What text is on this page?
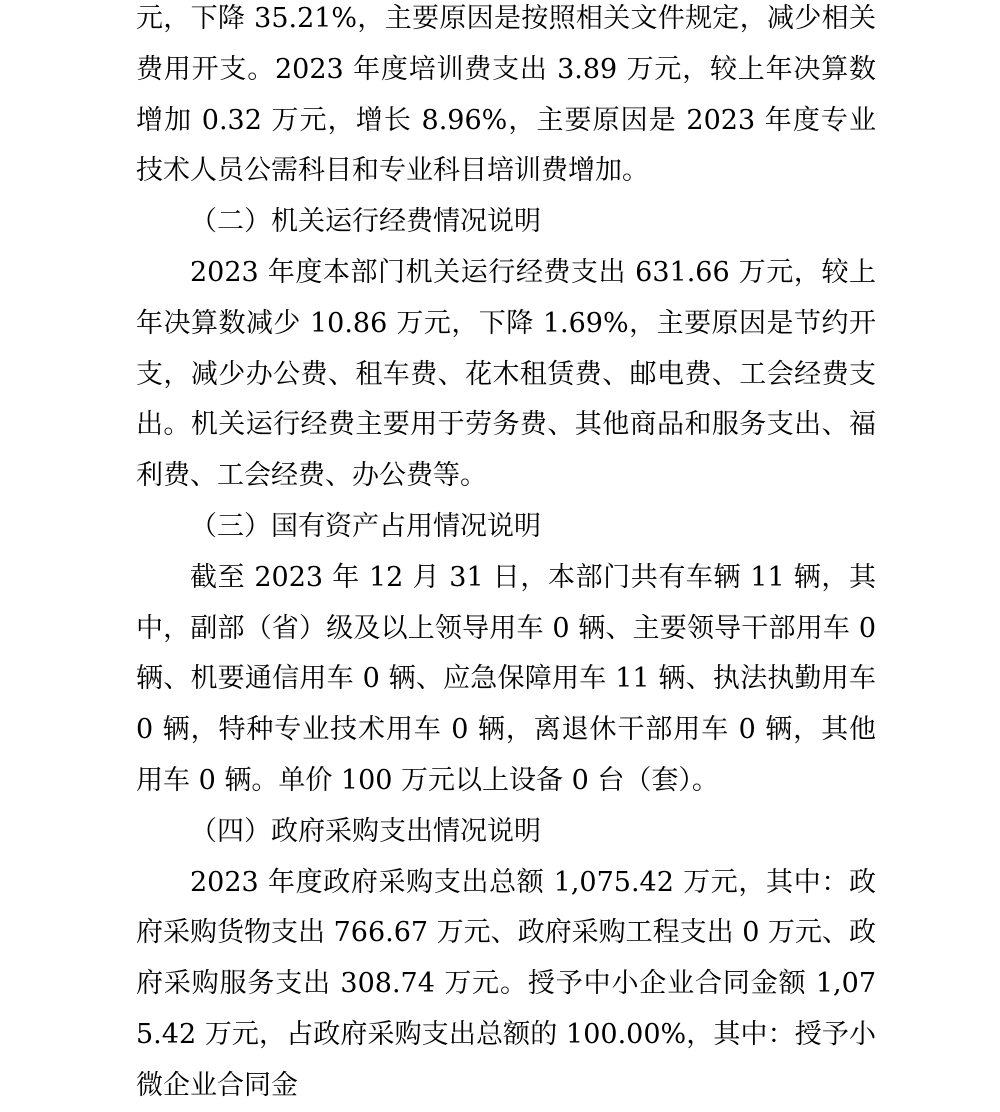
元，下降 35.21%，主要原因是按照相关文件规定，减少相关费用开支。2023 年度培训费支出 3.89 万元，较上年决算数增加 0.32 万元，增长 8.96%，主要原因是 2023 年度专业技术人员公需科目和专业科目培训费增加。

（二）机关运行经费情况说明

2023 年度本部门机关运行经费支出 631.66 万元，较上年决算数减少 10.86 万元，下降 1.69%，主要原因是节约开支，减少办公费、租车费、花木租赁费、邮电费、工会经费支出。机关运行经费主要用于劳务费、其他商品和服务支出、福利费、工会经费、办公费等。

（三）国有资产占用情况说明

截至 2023 年 12 月 31 日，本部门共有车辆 11 辆，其中，副部（省）级及以上领导用车 0 辆、主要领导干部用车 0 辆、机要通信用车 0 辆、应急保障用车 11 辆、执法执勤用车 0 辆，特种专业技术用车 0 辆，离退休干部用车 0 辆，其他用车 0 辆。单价 100 万元以上设备 0 台（套）。

（四）政府采购支出情况说明

2023 年度政府采购支出总额 1,075.42 万元，其中：政府采购货物支出 766.67 万元、政府采购工程支出 0 万元、政府采购服务支出 308.74 万元。授予中小企业合同金额 1,075.42 万元，占政府采购支出总额的 100.00%，其中：授予小微企业合同金
